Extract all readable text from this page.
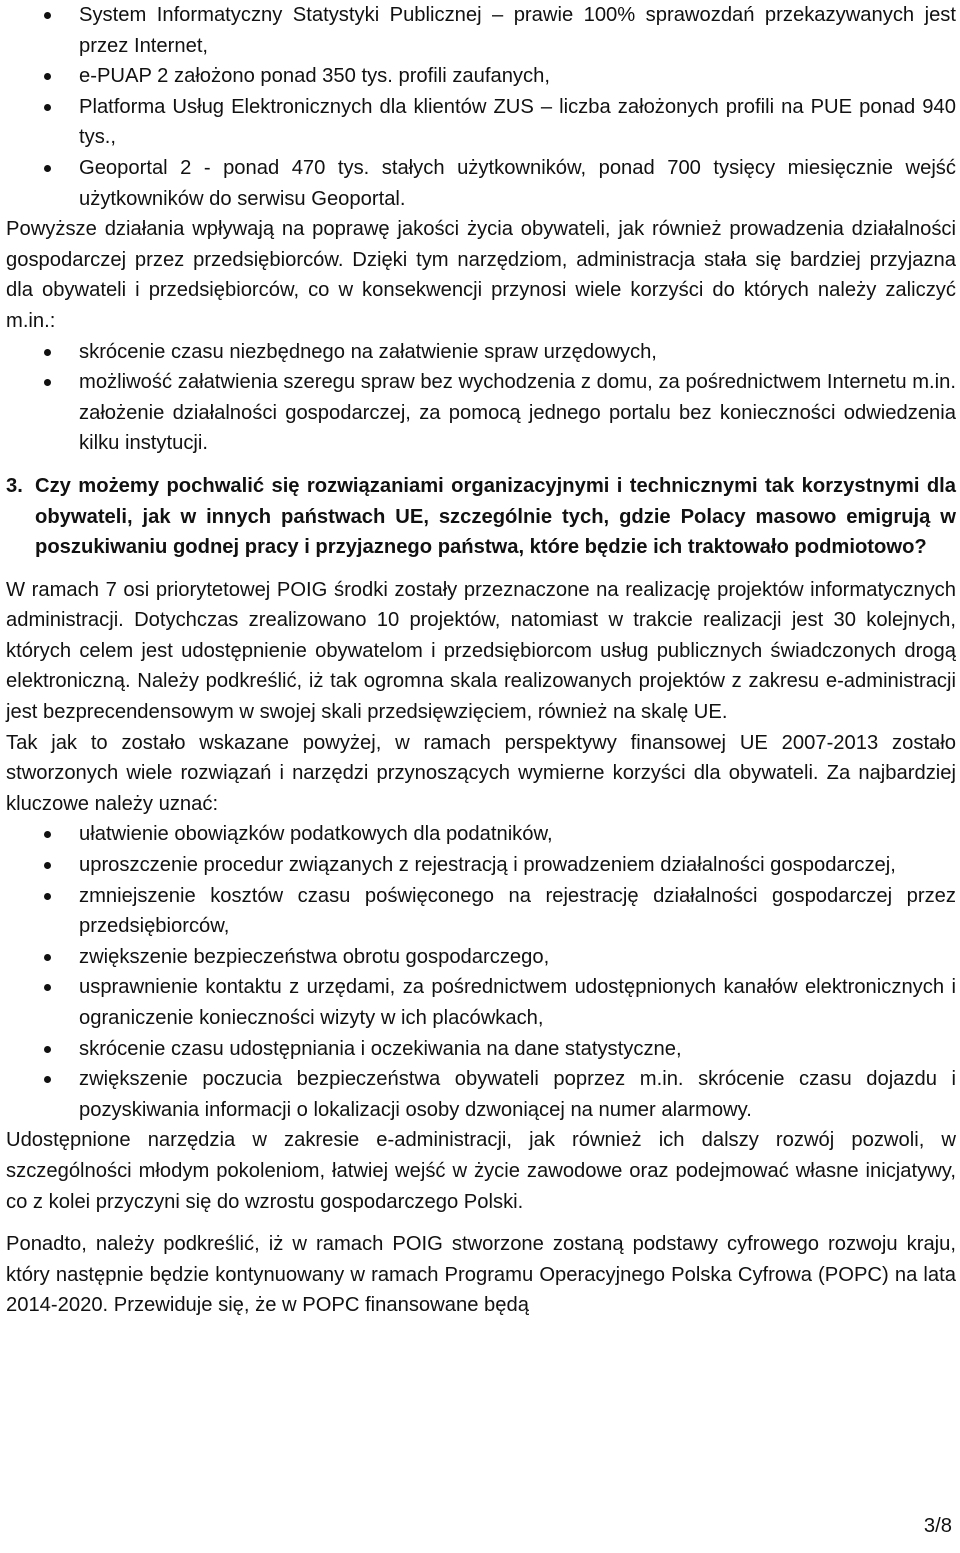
System Informatyczny Statystyki Publicznej – prawie 100% sprawozdań przekazywanych jest przez Internet,
e-PUAP 2 założono ponad 350 tys. profili zaufanych,
Platforma Usług Elektronicznych dla klientów ZUS – liczba założonych profili na PUE ponad 940 tys.,
Geoportal 2 - ponad 470 tys. stałych użytkowników, ponad 700 tysięcy miesięcznie wejść użytkowników do serwisu Geoportal.

Powyższe działania wpływają na poprawę jakości życia obywateli, jak również prowadzenia działalności gospodarczej przez przedsiębiorców. Dzięki tym narzędziom, administracja stała się bardziej przyjazna dla obywateli i przedsiębiorców, co w konsekwencji przynosi wiele korzyści do których należy zaliczyć m.in.:

skrócenie czasu niezbędnego na załatwienie spraw urzędowych,
możliwość załatwienia szeregu spraw bez wychodzenia z domu, za pośrednictwem Internetu m.in. założenie działalności gospodarczej, za pomocą jednego portalu bez konieczności odwiedzenia kilku instytucji.

3. Czy możemy pochwalić się rozwiązaniami organizacyjnymi i technicznymi tak korzystnymi dla obywateli, jak w innych państwach UE, szczególnie tych, gdzie Polacy masowo emigrują w poszukiwaniu godnej pracy i przyjaznego państwa, które będzie ich traktowało podmiotowo?

W ramach 7 osi priorytetowej POIG środki zostały przeznaczone na realizację projektów informatycznych administracji. Dotychczas zrealizowano 10 projektów, natomiast w trakcie realizacji jest 30 kolejnych, których celem jest udostępnienie obywatelom i przedsiębiorcom usług publicznych świadczonych drogą elektroniczną. Należy podkreślić, iż tak ogromna skala realizowanych projektów z zakresu e-administracji jest bezprecendensowym w swojej skali przedsięwzięciem, również na skalę UE.

Tak jak to zostało wskazane powyżej, w ramach perspektywy finansowej UE 2007-2013 zostało stworzonych wiele rozwiązań i narzędzi przynoszących wymierne korzyści dla obywateli. Za najbardziej kluczowe należy uznać:

ułatwienie obowiązków podatkowych dla podatników,
uproszczenie procedur związanych z rejestracją i prowadzeniem działalności gospodarczej,
zmniejszenie kosztów czasu poświęconego na rejestrację działalności gospodarczej przez przedsiębiorców,
zwiększenie bezpieczeństwa obrotu gospodarczego,
usprawnienie kontaktu z urzędami, za pośrednictwem udostępnionych kanałów elektronicznych i ograniczenie konieczności wizyty w ich placówkach,
skrócenie czasu udostępniania i oczekiwania na dane statystyczne,
zwiększenie poczucia bezpieczeństwa obywateli poprzez m.in. skrócenie czasu dojazdu i pozyskiwania informacji o lokalizacji osoby dzwoniącej na numer alarmowy.

Udostępnione narzędzia w zakresie e-administracji, jak również ich dalszy rozwój pozwoli, w szczególności młodym pokoleniom, łatwiej wejść w życie zawodowe oraz podejmować własne inicjatywy, co z kolei przyczyni się do wzrostu gospodarczego Polski.

Ponadto, należy podkreślić, iż w ramach POIG stworzone zostaną podstawy cyfrowego rozwoju kraju, który następnie będzie kontynuowany w ramach Programu Operacyjnego Polska Cyfrowa (POPC) na lata 2014-2020. Przewiduje się, że w POPC finansowane będą

3/8
